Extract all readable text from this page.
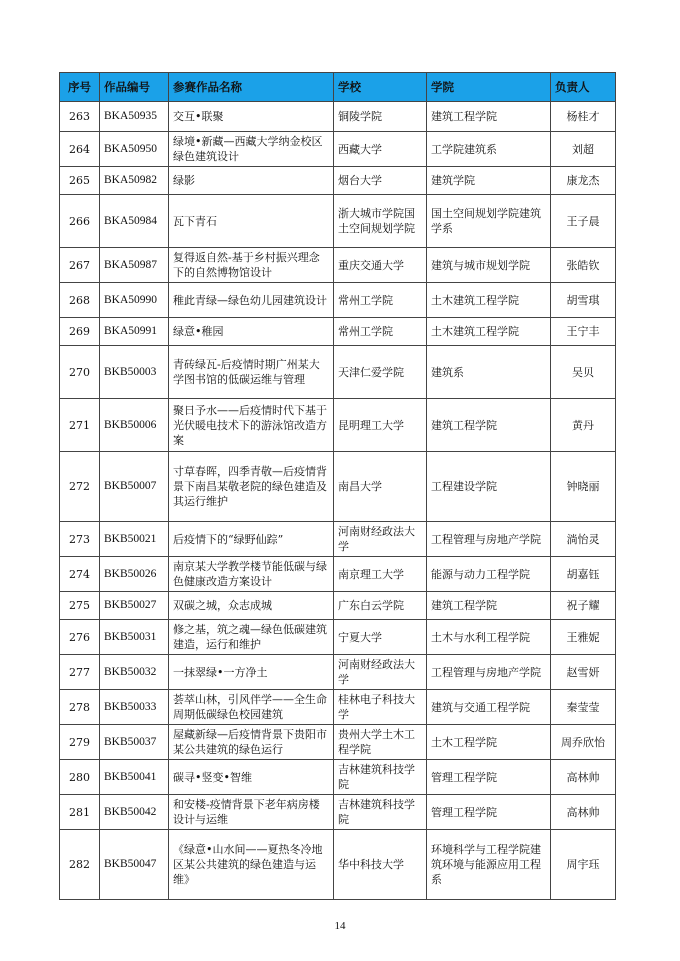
序号	作品编号	参赛作品名称	学校	学院	负责人
263	BKA50935	交互•联聚	铜陵学院	建筑工程学院	杨桂才
264	BKA50950	绿境•新藏—西藏大学纳金校区绿色建筑设计	西藏大学	工学院建筑系	刘超
265	BKA50982	绿影	烟台大学	建筑学院	康龙杰
266	BKA50984	瓦下青石	浙大城市学院国土空间规划学院	国土空间规划学院建筑学系	王子晨
267	BKA50987	复得返自然-基于乡村振兴理念下的自然博物馆设计	重庆交通大学	建筑与城市规划学院	张皓钦
268	BKA50990	稚此青绿—绿色幼儿园建筑设计	常州工学院	土木建筑工程学院	胡雪琪
269	BKA50991	绿意•稚园	常州工学院	土木建筑工程学院	王宁丰
270	BKB50003	青砖绿瓦-后疫情时期广州某大学图书馆的低碳运维与管理	天津仁爱学院	建筑系	吴贝
271	BKB50006	聚日予水——后疫情时代下基于光伏暖电技术下的游泳馆改造方案	昆明理工大学	建筑工程学院	黄丹
272	BKB50007	寸草春晖，四季青敬—后疫情背景下南昌某敬老院的绿色建造及其运行维护	南昌大学	工程建设学院	钟晓丽
273	BKB50021	后疫情下的“绿野仙踪”	河南财经政法大学	工程管理与房地产学院	淌怡灵
274	BKB50026	南京某大学教学楼节能低碳与绿色健康改造方案设计	南京理工大学	能源与动力工程学院	胡嘉钰
275	BKB50027	双碳之城，众志成城	广东白云学院	建筑工程学院	祝子耀
276	BKB50031	修之基，筑之魂—绿色低碳建筑建造，运行和维护	宁夏大学	土木与水利工程学院	王雅妮
277	BKB50032	一抹翠绿•一方净土	河南财经政法大学	工程管理与房地产学院	赵雪妍
278	BKB50033	荟萃山林，引风伴学——全生命周期低碳绿色校园建筑	桂林电子科技大学	建筑与交通工程学院	秦莹莹
279	BKB50037	屋藏新绿—后疫情背景下贵阳市某公共建筑的绿色运行	贵州大学土木工程学院	土木工程学院	周乔欣怡
280	BKB50041	碳寻•竖变•智维	吉林建筑科技学院	管理工程学院	高林帅
281	BKB50042	和安楼-疫情背景下老年病房楼设计与运维	吉林建筑科技学院	管理工程学院	高林帅
282	BKB50047	《绿意•山水间——夏热冬冷地区某公共建筑的绿色建造与运维》	华中科技大学	环境科学与工程学院建筑环境与能源应用工程系	周宇珏
14
